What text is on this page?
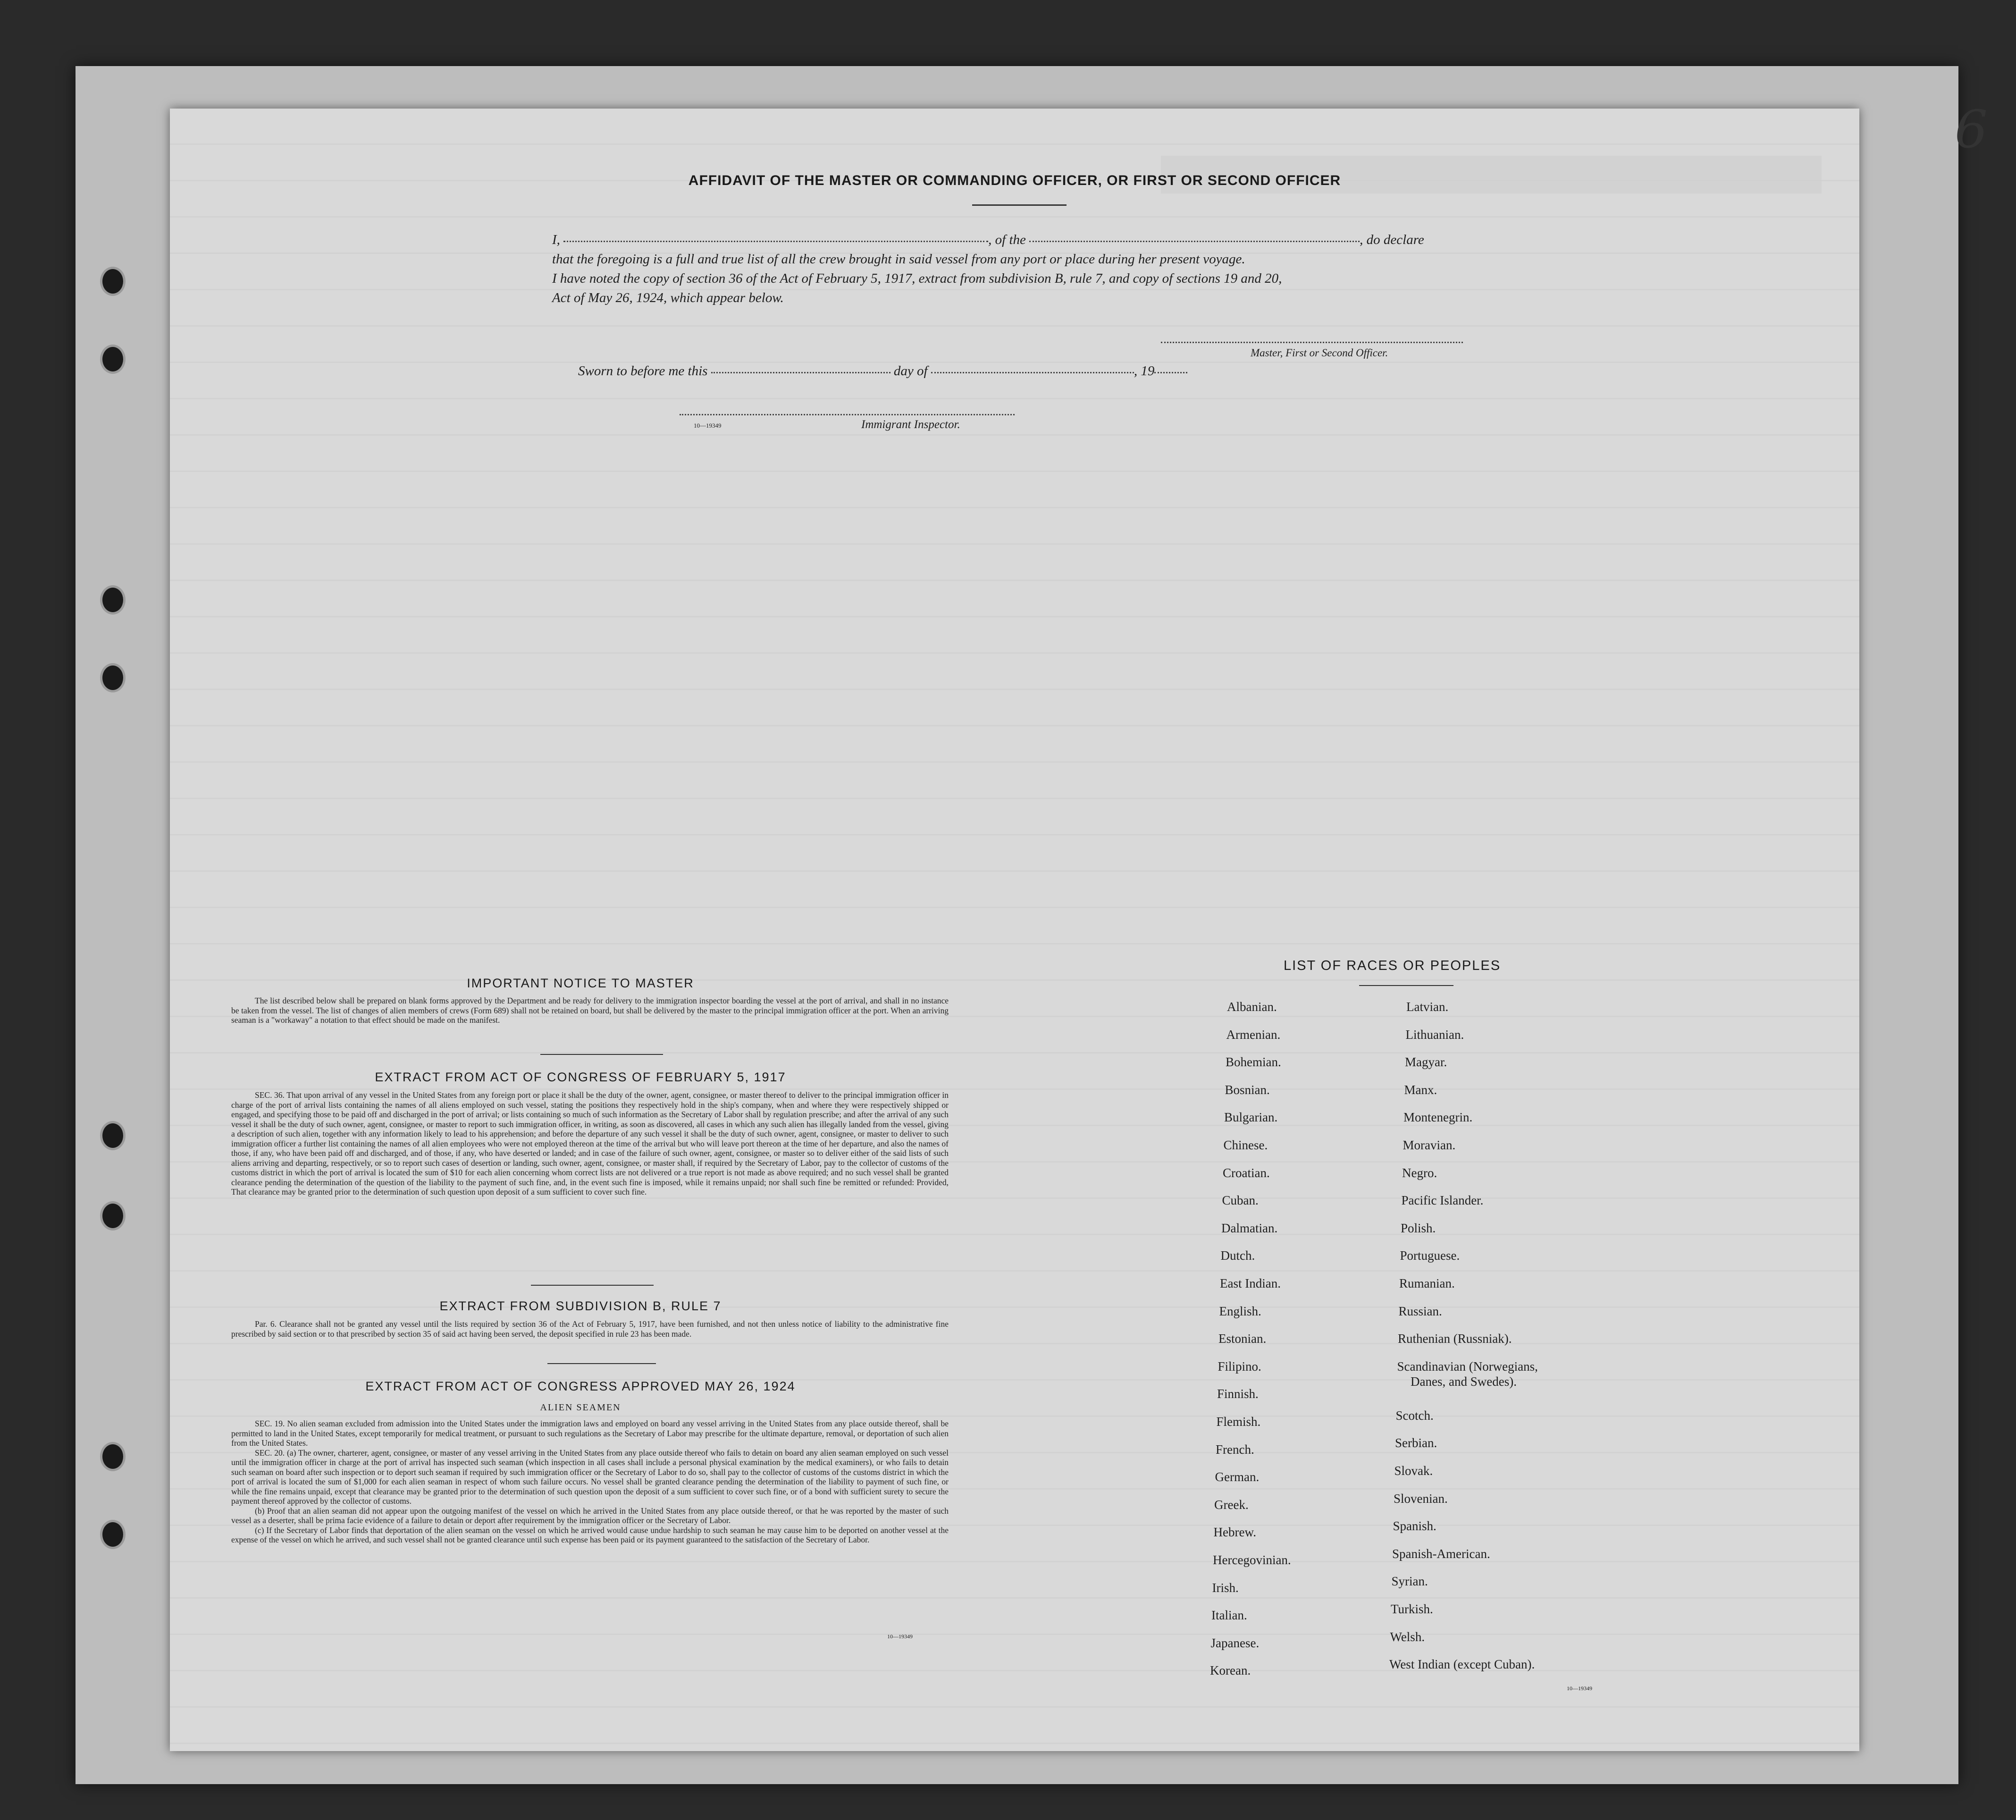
6
AFFIDAVIT OF THE MASTER OR COMMANDING OFFICER, OR FIRST OR SECOND OFFICER
I,	, of the	, do declare
that the foregoing is a full and true list of all the crew brought in said vessel from any port or place during her present voyage.
I have noted the copy of section 36 of the Act of February 5, 1917, extract from subdivision B, rule 7, and copy of sections 19 and 20,
Act of May 26, 1924, which appear below.
Master, First or Second Officer.
Sworn to before me this	day of	, 19
10—19349	Immigrant Inspector.
IMPORTANT NOTICE TO MASTER
The list described below shall be prepared on blank forms approved by the Department and be ready for delivery to the immigration inspector boarding the vessel at the port of arrival, and shall in no instance be taken from the vessel. The list of changes of alien members of crews (Form 689) shall not be retained on board, but shall be delivered by the master to the principal immigration officer at the port. When an arriving seaman is a "workaway" a notation to that effect should be made on the manifest.
EXTRACT FROM ACT OF CONGRESS OF FEBRUARY 5, 1917
SEC. 36. That upon arrival of any vessel in the United States from any foreign port or place it shall be the duty of the owner, agent, consignee, or master thereof to deliver to the principal immigration officer in charge of the port of arrival lists containing the names of all aliens employed on such vessel, stating the positions they respectively hold in the ship's company, when and where they were respectively shipped or engaged, and specifying those to be paid off and discharged in the port of arrival; or lists containing so much of such information as the Secretary of Labor shall by regulation prescribe; and after the arrival of any such vessel it shall be the duty of such owner, agent, consignee, or master to report to such immigration officer, in writing, as soon as discovered, all cases in which any such alien has illegally landed from the vessel, giving a description of such alien, together with any information likely to lead to his apprehension; and before the departure of any such vessel it shall be the duty of such owner, agent, consignee, or master to deliver to such immigration officer a further list containing the names of all alien employees who were not employed thereon at the time of the arrival but who will leave port thereon at the time of her departure, and also the names of those, if any, who have been paid off and discharged, and of those, if any, who have deserted or landed; and in case of the failure of such owner, agent, consignee, or master so to deliver either of the said lists of such aliens arriving and departing, respectively, or so to report such cases of desertion or landing, such owner, agent, consignee, or master shall, if required by the Secretary of Labor, pay to the collector of customs of the customs district in which the port of arrival is located the sum of $10 for each alien concerning whom correct lists are not delivered or a true report is not made as above required; and no such vessel shall be granted clearance pending the determination of the question of the liability to the payment of such fine, and, in the event such fine is imposed, while it remains unpaid; nor shall such fine be remitted or refunded: Provided, That clearance may be granted prior to the determination of such question upon deposit of a sum sufficient to cover such fine.
EXTRACT FROM SUBDIVISION B, RULE 7
Par. 6. Clearance shall not be granted any vessel until the lists required by section 36 of the Act of February 5, 1917, have been furnished, and not then unless notice of liability to the administrative fine prescribed by said section or to that prescribed by section 35 of said act having been served, the deposit specified in rule 23 has been made.
EXTRACT FROM ACT OF CONGRESS APPROVED MAY 26, 1924
ALIEN SEAMEN
SEC. 19. No alien seaman excluded from admission into the United States under the immigration laws and employed on board any vessel arriving in the United States from any place outside thereof, shall be permitted to land in the United States, except temporarily for medical treatment, or pursuant to such regulations as the Secretary of Labor may prescribe for the ultimate departure, removal, or deportation of such alien from the United States.
SEC. 20. (a) The owner, charterer, agent, consignee, or master of any vessel arriving in the United States from any place outside thereof who fails to detain on board any alien seaman employed on such vessel until the immigration officer in charge at the port of arrival has inspected such seaman (which inspection in all cases shall include a personal physical examination by the medical examiners), or who fails to detain such seaman on board after such inspection or to deport such seaman if required by such immigration officer or the Secretary of Labor to do so, shall pay to the collector of customs of the customs district in which the port of arrival is located the sum of $1,000 for each alien seaman in respect of whom such failure occurs. No vessel shall be granted clearance pending the determination of the liability to payment of such fine, or while the fine remains unpaid, except that clearance may be granted prior to the determination of such question upon the deposit of a sum sufficient to cover such fine, or of a bond with sufficient surety to secure the payment thereof approved by the collector of customs.
(b) Proof that an alien seaman did not appear upon the outgoing manifest of the vessel on which he arrived in the United States from any place outside thereof, or that he was reported by the master of such vessel as a deserter, shall be prima facie evidence of a failure to detain or deport after requirement by the immigration officer or the Secretary of Labor.
(c) If the Secretary of Labor finds that deportation of the alien seaman on the vessel on which he arrived would cause undue hardship to such seaman he may cause him to be deported on another vessel at the expense of the vessel on which he arrived, and such vessel shall not be granted clearance until such expense has been paid or its payment guaranteed to the satisfaction of the Secretary of Labor.
10—19349
LIST OF RACES OR PEOPLES
10—19349
Albanian.
Armenian.
Bohemian.
Bosnian.
Bulgarian.
Chinese.
Croatian.
Cuban.
Dalmatian.
Dutch.
East Indian.
English.
Estonian.
Filipino.
Finnish.
Flemish.
French.
German.
Greek.
Hebrew.
Hercegovinian.
Irish.
Italian.
Japanese.
Korean.
Latvian.
Lithuanian.
Magyar.
Manx.
Montenegrin.
Moravian.
Negro.
Pacific Islander.
Polish.
Portuguese.
Rumanian.
Russian.
Ruthenian (Russniak).
Scandinavian (Norwegians,
Danes, and Swedes).
Scotch.
Serbian.
Slovak.
Slovenian.
Spanish.
Spanish-American.
Syrian.
Turkish.
Welsh.
West Indian (except Cuban).
